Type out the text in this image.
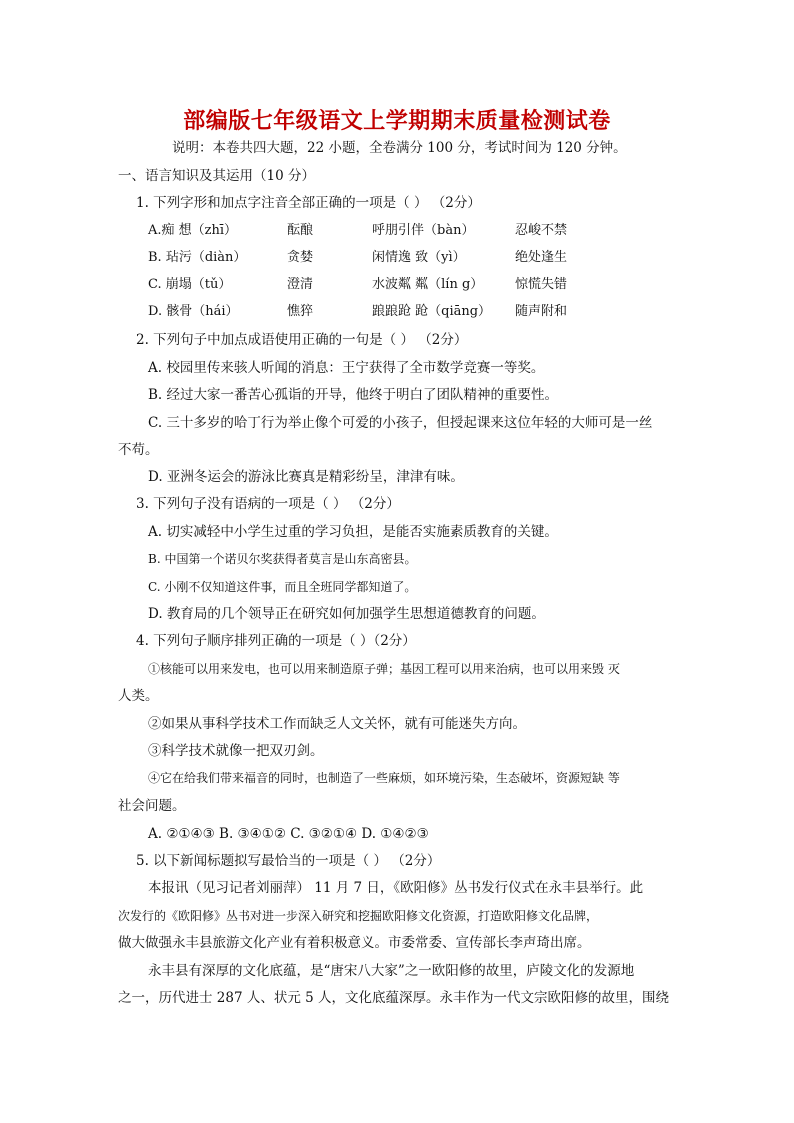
部编版七年级语文上学期期末质量检测试卷
说明：本卷共四大题，22 小题，全卷满分 100 分，考试时间为 120 分钟。
一、语言知识及其运用（10 分）
1. 下列字形和加点字注音全部正确的一项是（ ） （2分）
A.痴 想（zhī）	酝酿	呼朋引伴（bàn）	忍峻不禁
B. 玷污（diàn）	贪婪	闲情逸 致（yì）	绝处逢生
C. 崩塌（tǔ）	澄清	水波粼 粼（lín g） 惊慌失错
D. 骸骨（hái）	憔猝	踉踉跄 跄（qiāng） 随声附和
2. 下列句子中加点成语使用正确的一句是（ ） （2分）
A. 校园里传来骇人听闻的消息：王宁获得了全市数学竞赛一等奖。
B. 经过大家一番苦心孤诣的开导，他终于明白了团队精神的重要性。
C. 三十多岁的哈丁行为举止像个可爱的小孩子，但授起课来这位年轻的大师可是一丝
不苟。
D. 亚洲冬运会的游泳比赛真是精彩纷呈，津津有味。
3. 下列句子没有语病的一项是（ ） （2分）
A. 切实减轻中小学生过重的学习负担，是能否实施素质教育的关键。
B. 中国第一个诺贝尔奖获得者莫言是山东高密县。
C. 小刚不仅知道这件事，而且全班同学都知道了。
D. 教育局的几个领导正在研究如何加强学生思想道德教育的问题。
4. 下列句子顺序排列正确的一项是（ ）（2分）
①核能可以用来发电，也可以用来制造原子弹；基因工程可以用来治病，也可以用来毁 灭
人类。
②如果从事科学技术工作而缺乏人文关怀，就有可能迷失方向。
③科学技术就像一把双刃剑。
④它在给我们带来福音的同时，也制造了一些麻烦，如环境污染，生态破坏，资源短缺 等
社会问题。
A. ②①④③ B. ③④①② C. ③②①④ D. ①④②③
5. 以下新闻标题拟写最恰当的一项是（ ） （2分）
本报讯（见习记者刘丽萍） 11 月 7 日，《欧阳修》丛书发行仪式在永丰县举行。此
次发行的《欧阳修》丛书对进一步深入研究和挖掘欧阳修文化资源，打造欧阳修文化品牌，
做大做强永丰县旅游文化产业有着积极意义。市委常委、宣传部长李声琦出席。
永丰县有深厚的文化底蕴，是“唐宋八大家”之一欧阳修的故里，庐陵文化的发源地
之一，历代进士 287 人、状元 5 人，文化底蕴深厚。永丰作为一代文宗欧阳修的故里，围绕
